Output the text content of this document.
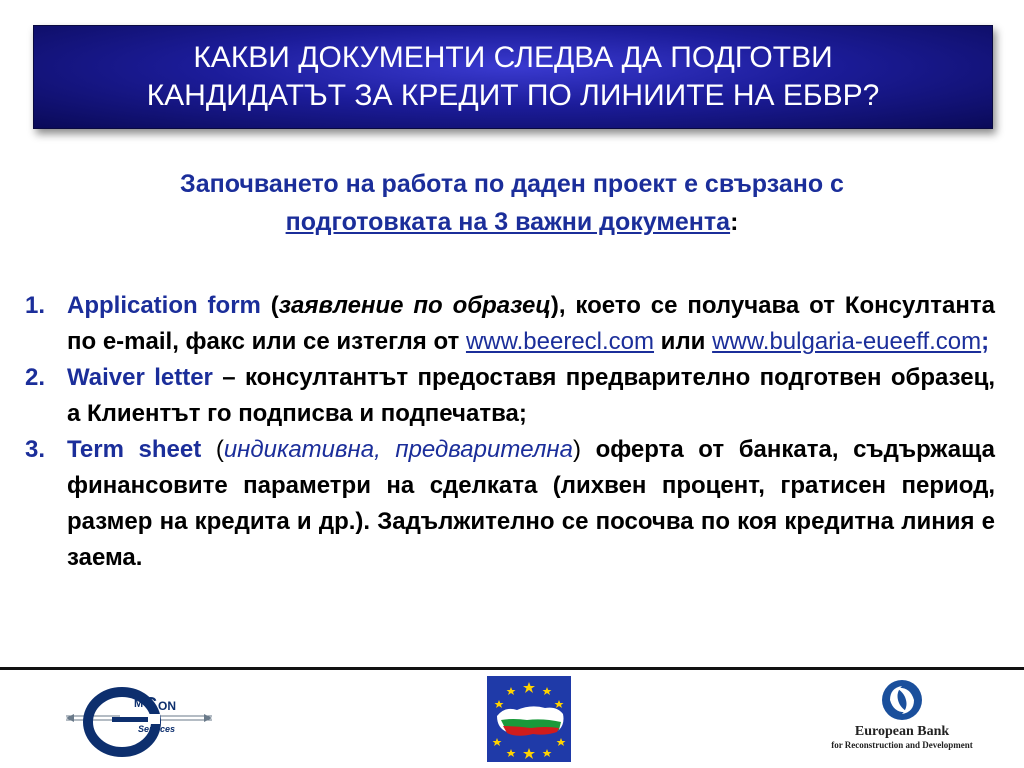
КАКВИ ДОКУМЕНТИ СЛЕДВА ДА ПОДГОТВИ
КАНДИДАТЪТ ЗА КРЕДИТ ПО ЛИНИИТЕ НА ЕБВР?
Започването на работа по даден проект е свързано с
подготовката на 3 важни документа:
1. Application form (заявление по образец), което се получава от Консултанта по e-mail, факс или се изтегля от www.beerecl.com или www.bulgaria-eueeff.com;
2. Waiver letter – консултантът предоставя предварително подготвен образец, а Клиентът го подписва и подпечатва;
3. Term sheet (индикативна, предварителна) оферта от банката, съдържаща финансовите параметри на сделката (лихвен процент, гратисен период, размер на кредита и др.). Задължително се посочва по коя кредитна линия е заема.
M C ON
Services	European Bank
for Reconstruction and Development
